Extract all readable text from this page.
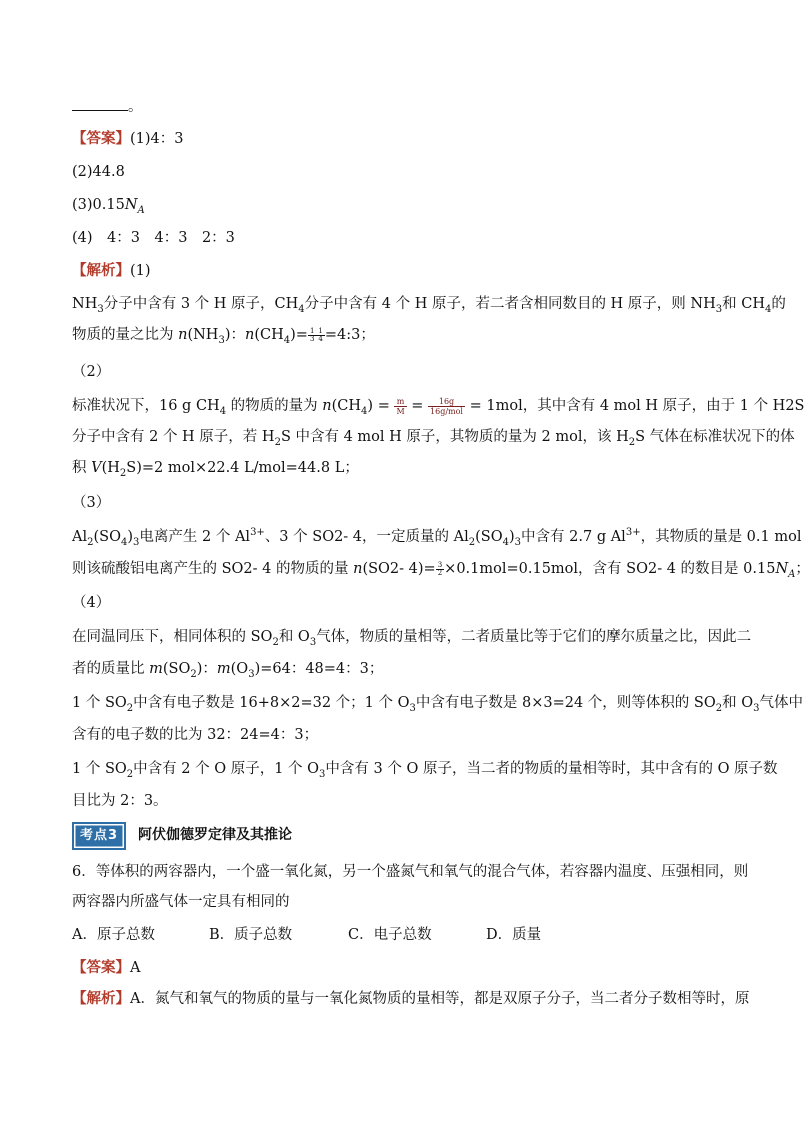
。
【答案】(1)4：3
(2)44.8
$(3)0.15N_A$
(4)　4：3　4：3　2：3
【解析】(1)
$NH_3$分子中含有 3 个 H 原子，$CH_4$分子中含有 4 个 H 原子，若二者含相同数目的 H 原子，则 $NH_3$和 $CH_4$的
物质的量之比为 $n(NH_3)$：$n(CH_4)= \frac{1}{3} \frac{1}{4}$ =4:3；
（2）
标准状况下，16 g $CH_4$ 的物质的量为 $n(CH_4) = \frac{m}{M} = \frac{16g}{\text{16g/mol}} = 1mol$，其中含有 4 mol H 原子，由于 1 个 H2S
分子中含有 2 个 H 原子，若 $H_2S$ 中含有 4 mol H 原子，其物质的量为 2 mol，该 $H_2S$ 气体在标准状况下的体
积 $V(H_2S)=2$ mol×22.4 L/mol=44.8 L；
（3）
$Al_2(SO_4)_3$电离产生 2 个 $Al^{3+}$、3 个 SO2- 4，一定质量的 $Al_2(SO_4)_3$中含有 2.7 g $Al^{3+}$，其物质的量是 0.1 mol
则该硫酸铝电离产生的 SO2- 4 的物质的量 n(SO2- $4)= \frac{3}{2} \times 0.1mol=0.15mol$，含有 SO2- 4 的数目是 $0.15N_A$；
（4）
在同温同压下，相同体积的 $SO_2$和 $O_3$气体，物质的量相等，二者质量比等于它们的摩尔质量之比，因此二
者的质量比 $m(SO_2)$：$m(O_3)=64$：48=4：3；
1 个 $SO_2$中含有电子数是 16+8×2=32 个；1 个 $O_3$中含有电子数是 8×3=24 个，则等体积的 $SO_2$和 $O_3$气体中
含有的电子数的比为 32：24=4：3；
1 个 $SO_2$中含有 2 个 O 原子，1 个 $O_3$中含有 3 个 O 原子，当二者的物质的量相等时，其中含有的 O 原子数
目比为 2：3。
考点3 阿伏伽德罗定律及其推论
6．等体积的两容器内，一个盛一氧化氮，另一个盛氮气和氧气的混合气体，若容器内温度、压强相同，则
两容器内所盛气体一定具有相同的
A．原子总数	B．质子总数	C．电子总数	D．质量
【答案】A
【解析】A．氮气和氧气的物质的量与一氧化氮物质的量相等，都是双原子分子，当二者分子数相等时，原
